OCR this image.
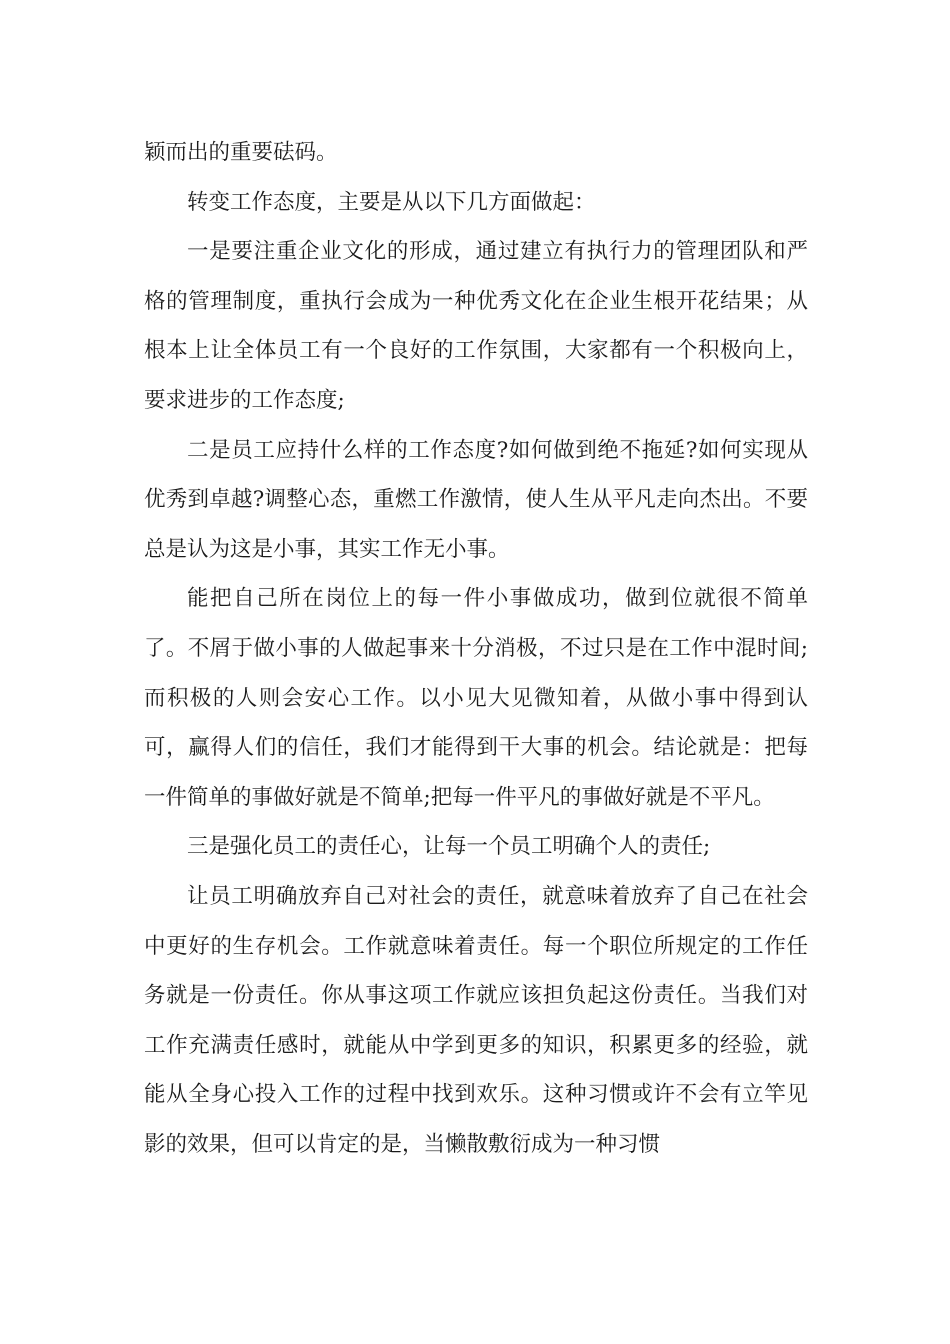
颖而出的重要砝码。

转变工作态度，主要是从以下几方面做起：

一是要注重企业文化的形成，通过建立有执行力的管理团队和严格的管理制度，重执行会成为一种优秀文化在企业生根开花结果；从根本上让全体员工有一个良好的工作氛围，大家都有一个积极向上，要求进步的工作态度;

二是员工应持什么样的工作态度?如何做到绝不拖延?如何实现从优秀到卓越?调整心态，重燃工作激情，使人生从平凡走向杰出。不要总是认为这是小事，其实工作无小事。

能把自己所在岗位上的每一件小事做成功，做到位就很不简单了。不屑于做小事的人做起事来十分消极，不过只是在工作中混时间;而积极的人则会安心工作。以小见大见微知着，从做小事中得到认可，赢得人们的信任，我们才能得到干大事的机会。结论就是：把每一件简单的事做好就是不简单;把每一件平凡的事做好就是不平凡。

三是强化员工的责任心，让每一个员工明确个人的责任;

让员工明确放弃自己对社会的责任，就意味着放弃了自己在社会中更好的生存机会。工作就意味着责任。每一个职位所规定的工作任务就是一份责任。你从事这项工作就应该担负起这份责任。当我们对工作充满责任感时，就能从中学到更多的知识，积累更多的经验，就能从全身心投入工作的过程中找到欢乐。这种习惯或许不会有立竿见影的效果，但可以肯定的是，当懒散敷衍成为一种习惯
